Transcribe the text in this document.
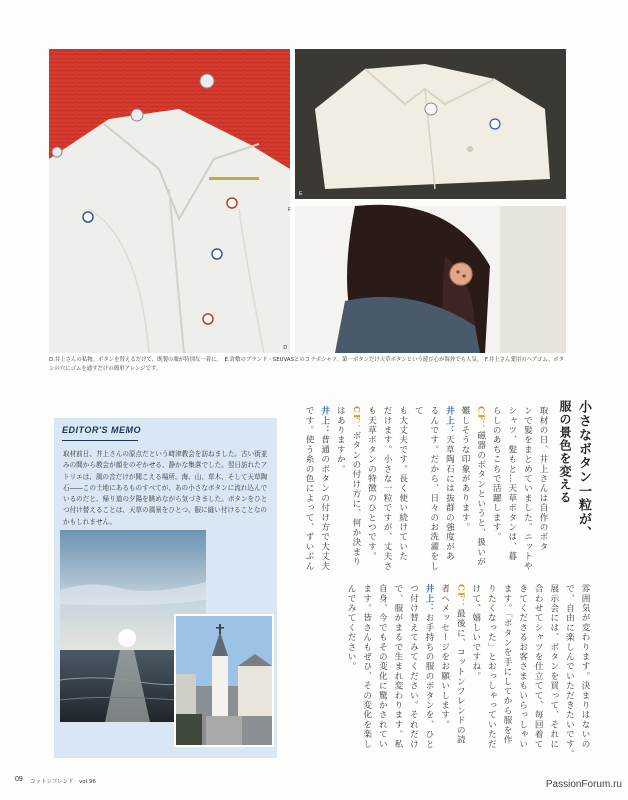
D
E
F
D.井上さんの私物。ボタンを替えるだけで、既製の服が特別な一着に。　E.倉敷のブランド・SEUVASとのコラボシャツ。第一ボタンだけ天草ボタンという遊び心が海外でも人気。　F.井上さん愛用のヘアゴム。ボタンの穴にゴムを通すだけの簡単アレンジです。
小さなボタン一粒が、
服の景色を変える
取材の日、井上さんは自作のボタ
ンで髪をまとめていました。ニットや
シャツ、髪もと…天草ボタンは、暮
らしのあちこちで活躍します。
CF：磁器のボタンというと、扱いが
難しそうな印象があります。
井上：天草陶石には抜群の強度があ
るんです。だから、日々のお洗濯をして
も大丈夫です。長く使い続けていた
だけます。小さな一粒ですが、丈夫さ
も天草ボタンの特徴のひとつです。
CF：ボタンの付け方に、何か決まり
はありますか。
井上：普通のボタンの付け方で大丈夫
です。使う糸の色によって、ずいぶん
雰囲気が変わります。決まりはないの
で、自由に楽しんでいただきたいです。
展示会には、ボタンを買って、それに
合わせてシャツを仕立てて、毎回着て
きてくださるお客さまもいらっしゃい
ます。「ボタンを手にしてから服を作
りたくなった」とおっしゃっていただ
けて、嬉しいですね。
CF：最後に、コットンフレンドの読
者へメッセージをお願いします。
井上：お手持ちの服のボタンを、ひと
つ付け替えてみてください。それだけ
で、服がまるで生まれ変わります。私
自身、今でもその変化に驚かされてい
ます。皆さんもぜひ、その変化を楽し
んでみてください。
EDITOR'S MEMO
取材前日、井上さんの原点だという﨑津教会を訪ねました。古い街並みの間から教会が顔をのぞかせる、静かな集落でした。翌日訪れたアトリエは、風の音だけが聞こえる場所。海、山、草木、そして天草陶石――この土地にあるものすべてが、あの小さなボタンに流れ込んでいるのだと、帰り道の夕陽を眺めながら気づきました。ボタンをひとつ付け替えることは、天草の風景をひとつ、服に縫い付けることなのかもしれません。
09 コットンフレンド　vol.96	PassionForum.ru
